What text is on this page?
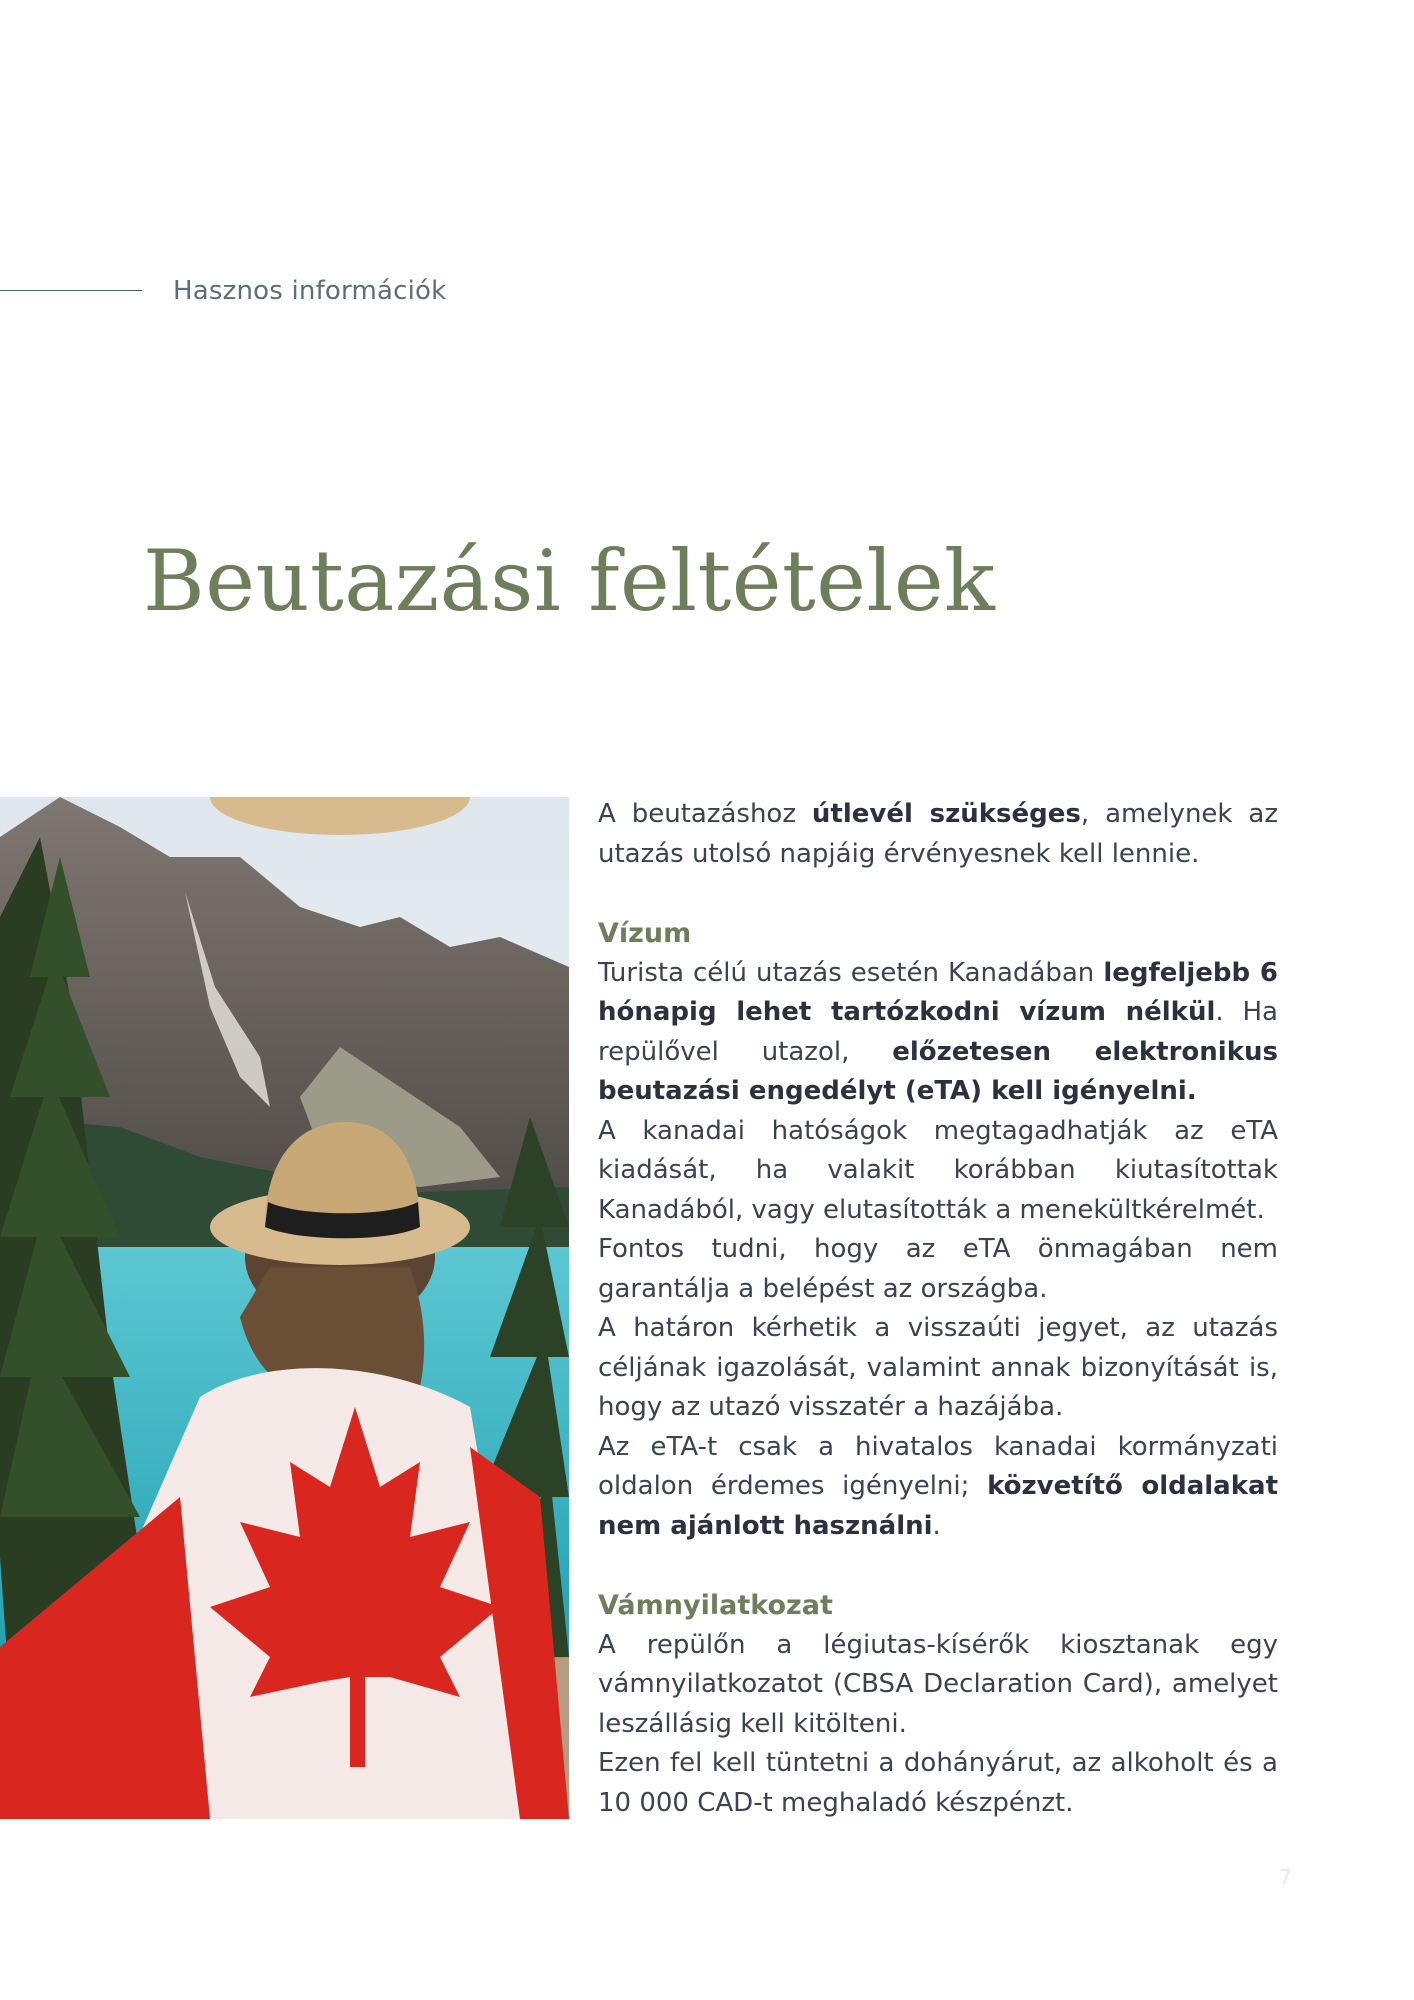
Hasznos információk
Beutazási feltételek

A beutazáshoz útlevél szükséges, amelynek az utazás utolsó napjáig érvényesnek kell lennie.

Vízum

Turista célú utazás esetén Kanadában legfeljebb 6 hónapig lehet tartózkodni vízum nélkül. Ha repülővel utazol, előzetesen elektronikus beutazási engedélyt (eTA) kell igényelni.

A kanadai hatóságok megtagadhatják az eTA kiadását, ha valakit korábban kiutasítottak Kanadából, vagy elutasították a menekültkérelmét.

Fontos tudni, hogy az eTA önmagában nem garantálja a belépést az országba.

A határon kérhetik a visszaúti jegyet, az utazás céljának igazolását, valamint annak bizonyítását is, hogy az utazó visszatér a hazájába.

Az eTA-t csak a hivatalos kanadai kormányzati oldalon érdemes igényelni; közvetítő oldalakat nem ajánlott használni.

Vámnyilatkozat

A repülőn a légiutas-kísérők kiosztanak egy vámnyilatkozatot (CBSA Declaration Card), amelyet leszállásig kell kitölteni.

Ezen fel kell tüntetni a dohányárut, az alkoholt és a 10 000 CAD-t meghaladó készpénzt.

7
